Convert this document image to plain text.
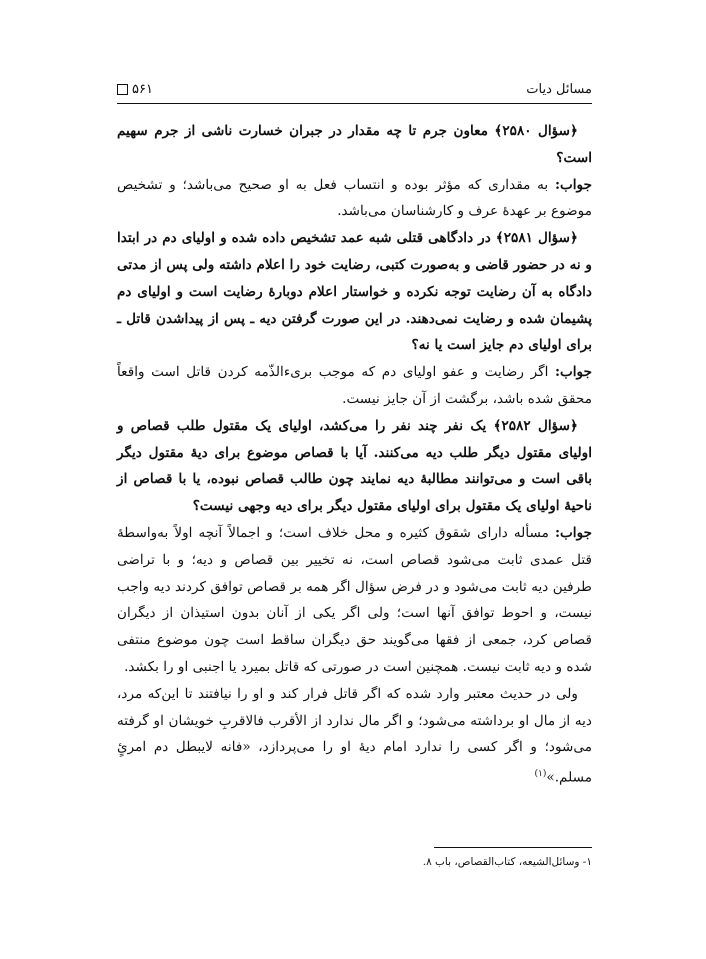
مسائل دیات
۵۶۱

﴿سؤال ۲۵۸۰﴾ معاون جرم تا چه مقدار در جبران خسارت ناشی از جرم سهیم است؟

جواب: به مقداری که مؤثر بوده و انتساب فعل به او صحیح می‌باشد؛ و تشخیص موضوع بر عهدهٔ عرف و کارشناسان می‌باشد.

﴿سؤال ۲۵۸۱﴾ در دادگاهی قتلی شبه عمد تشخیص داده شده و اولیای دم در ابتدا و نه در حضور قاضی و به‌صورت کتبی، رضایت خود را اعلام داشته ولی پس از مدتی دادگاه به آن رضایت توجه نکرده و خواستار اعلام دوبارهٔ رضایت است و اولیای دم پشیمان شده و رضایت نمی‌دهند. در این صورت گرفتن دیه ـ پس از پیداشدن قاتل ـ برای اولیای دم جایز است یا نه؟

جواب: اگر رضایت و عفو اولیای دم که موجب بریءالذّمه کردن قاتل است واقعاً محقق شده باشد، برگشت از آن جایز نیست.

﴿سؤال ۲۵۸۲﴾ یک نفر چند نفر را می‌کشد، اولیای یک مقتول طلب قصاص و اولیای مقتول دیگر طلب دیه می‌کنند. آیا با قصاص موضوع برای دیهٔ مقتول دیگر باقی است و می‌توانند مطالبهٔ دیه نمایند چون طالب قصاص نبوده، یا با قصاص از ناحیهٔ اولیای یک مقتول برای اولیای مقتول دیگر برای دیه وجهی نیست؟

جواب: مسأله دارای شقوق کثیره و محل خلاف است؛ و اجمالاً آنچه اولاً به‌واسطهٔ قتل عمدی ثابت می‌شود قصاص است، نه تخییر بین قصاص و دیه؛ و با تراضی طرفین دیه ثابت می‌شود و در فرض سؤال اگر همه بر قصاص توافق کردند دیه واجب نیست، و احوط توافق آنها است؛ ولی اگر یکی از آنان بدون استیذان از دیگران قصاص کرد، جمعی از فقها می‌گویند حق دیگران ساقط است چون موضوع منتفی شده و دیه ثابت نیست. همچنین است در صورتی که قاتل بمیرد یا اجنبی او را بکشد.

ولی در حدیث معتبر وارد شده که اگر قاتل فرار کند و او را نیافتند تا این‌که مرد، دیه از مال او برداشته می‌شود؛ و اگر مال ندارد از الأقرب فالاقربِ خویشان او گرفته می‌شود؛ و اگر کسی را ندارد امام دیهٔ او را می‌پردازد، «فانه لایبطل دم امرئٍ مسلم.»$^{(۱)}$

۱- وسائل‌الشیعه، کتاب‌القصاص، باب ۸.
